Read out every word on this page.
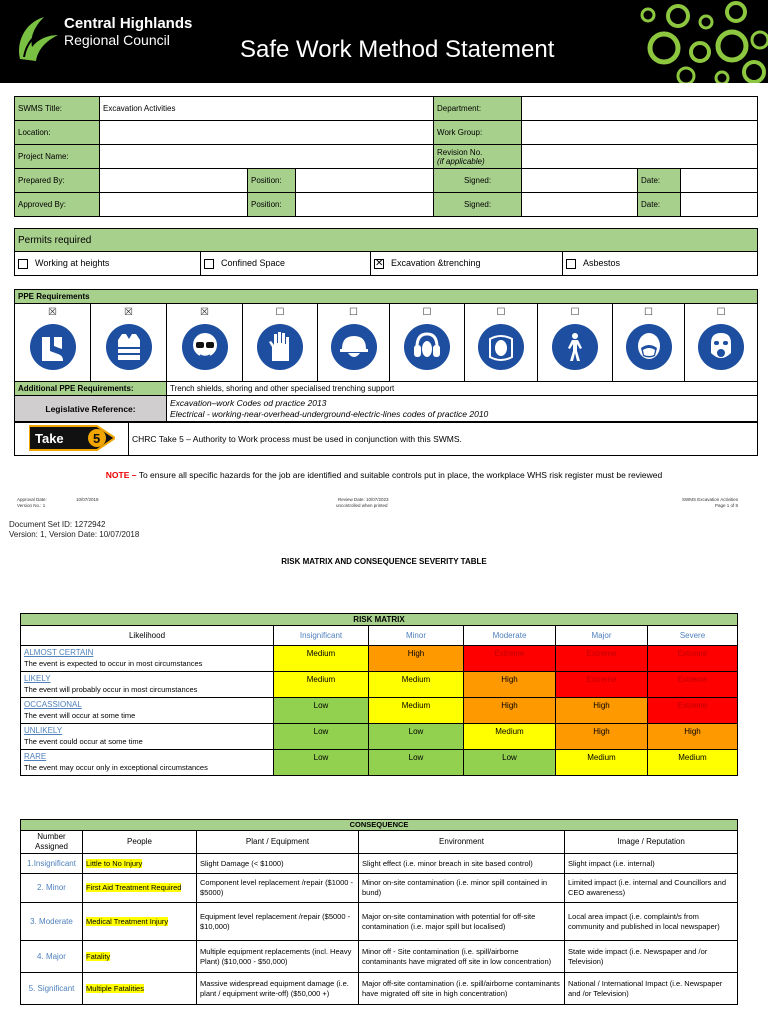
Central Highlands
Regional Council	Safe Work Method Statement
SWMS Title:	Excavation Activities			Department:			
Location:				Work Group:			
Project Name:				Revision No.
(if applicable)			
Prepared By:		Position:		Signed:		Date:	
Approved By:		Position:		Signed:		Date:	
Permits required
Working at heights	Confined Space	✕ Excavation &trenching	Asbestos
PPE Requirements									

☒	☒	☒	☐	☐	☐	☐	☐	☐	☐

Additional PPE Requirements:		Trench shields, shoring and other specialised trenching support							
Legislative Reference:		Excavation–work Codes od practice 2013
Electrical - working-near-overhead-underground-electric-lines codes of practice 2010							
Take 5	CHRC Take 5 – Authority to Work process must be used in conjunction with this SWMS.
NOTE – To ensure all specific hazards for the job are identified and suitable controls put in place, the workplace WHS risk register must be reviewed
Approval Date:	10/07/2018
Version No.: 1
Review Date: 10/07/2023
uncontrolled when printed
SWMS Excavation Activities
Page 1 of 8
Document Set ID: 1272942
Version: 1, Version Date: 10/07/2018
RISK MATRIX AND CONSEQUENCE SEVERITY TABLE
RISK MATRIX					
Likelihood	Insignificant	Minor	Moderate	Major	Severe

ALMOST CERTAIN
The event is expected to occur in most circumstances	Medium	High	Extreme	Extreme	Extreme

LIKELY
The event will probably occur in most circumstances	Medium	Medium	High	Extreme	Extreme

OCCASSIONAL
The event will occur at some time	Low	Medium	High	High	Extreme

UNLIKELY
The event could occur at some time	Low	Low	Medium	High	High

RARE
The event may occur only in exceptional circumstances	Low	Low	Low	Medium	Medium
CONSEQUENCE				
Number Assigned	People	Plant / Equipment	Environment	Image / Reputation
1.Insignificant	Little to No Injury	Slight Damage (< $1000)	Slight effect (i.e. minor breach in site based control)	Slight impact (i.e. internal)
2. Minor	First Aid Treatment Required	Component level replacement /repair ($1000 - $5000)	Minor on-site contamination (i.e. minor spill contained in bund)	Limited impact (i.e. internal and Councillors and CEO awareness)
3. Moderate	Medical Treatment Injury	Equipment level replacement /repair ($5000 - $10,000)	Major on-site contamination with potential for off-site contamination (i.e. major spill but localised)	Local area impact (i.e. complaint/s from community and published in local newspaper)
4. Major	Fatality	Multiple equipment replacements (incl. Heavy Plant) ($10,000 - $50,000)	Minor off - Site contamination (i.e. spill/airborne contaminants have migrated off site in low concentration)	State wide impact (i.e. Newspaper and /or Television)
5. Significant	Multiple Fatalities	Massive widespread equipment damage (i.e. plant / equipment write-off) ($50,000 +)	Major off-site contamination (i.e. spill/airborne contaminants have migrated off site in high concentration)	National / International Impact (i.e. Newspaper and /or Television)
